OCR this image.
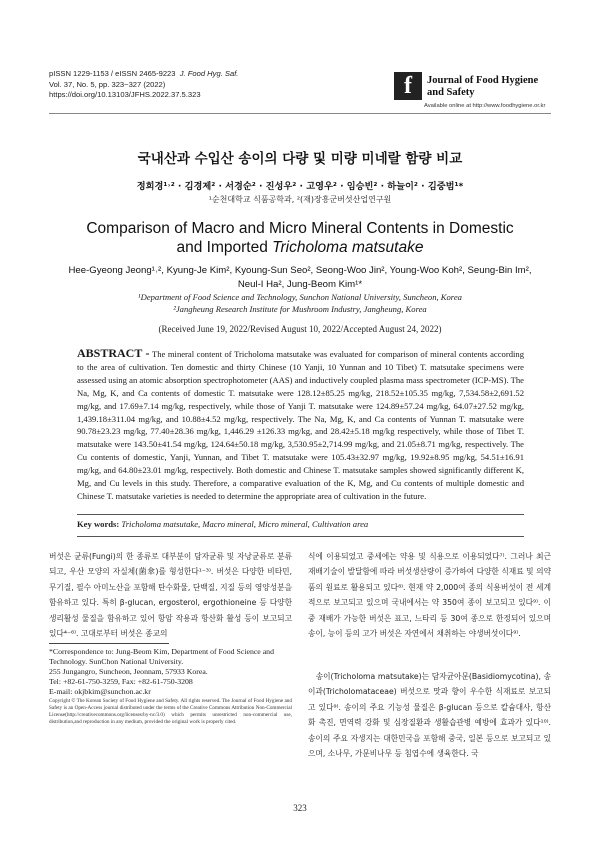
pISSN 1229-1153 / eISSN 2465-9223 J. Food Hyg. Saf.
Vol. 37, No. 5, pp. 323~327 (2022)
https://doi.org/10.13103/JFHS.2022.37.5.323	f	Journal of Food Hygiene
and Safety
Available online at http://www.foodhygiene.or.kr
국내산과 수입산 송이의 다량 및 미량 미네랄 함량 비교
정희경¹˒² · 김경제² · 서경순² · 진성우² · 고영우² · 임승빈² · 하늘이² · 김중범¹*
¹순천대학교 식품공학과, ²(재)장흥군버섯산업연구원
Comparison of Macro and Micro Mineral Contents in Domestic
and Imported Tricholoma matsutake
Hee-Gyeong Jeong¹˒², Kyung-Je Kim², Kyoung-Sun Seo², Seong-Woo Jin², Young-Woo Koh², Seung-Bin Im²,
Neul-I Ha², Jung-Beom Kim¹*
¹Department of Food Science and Technology, Sunchon National University, Suncheon, Korea
²Jangheung Research Institute for Mushroom Industry, Jangheung, Korea
(Received June 19, 2022/Revised August 10, 2022/Accepted August 24, 2022)
ABSTRACT - The mineral content of Tricholoma matsutake was evaluated for comparison of mineral contents according to the area of cultivation. Ten domestic and thirty Chinese (10 Yanji, 10 Yunnan and 10 Tibet) T. matsutake specimens were assessed using an atomic absorption spectrophotometer (AAS) and inductively coupled plasma mass spectrometer (ICP-MS). The Na, Mg, K, and Ca contents of domestic T. matsutake were 128.12±85.25 mg/kg, 218.52±105.35 mg/kg, 7,534.58±2,691.52 mg/kg, and 17.69±7.14 mg/kg, respectively, while those of Yanji T. matsutake were 124.89±57.24 mg/kg, 64.07±27.52 mg/kg, 1,439.18±311.04 mg/kg, and 10.88±4.52 mg/kg, respectively. The Na, Mg, K, and Ca contents of Yunnan T. matsutake were 90.78±23.23 mg/kg, 77.40±28.36 mg/kg, 1,446.29 ±126.33 mg/kg, and 28.42±5.18 mg/kg respectively, while those of Tibet T. matsutake were 143.50±41.54 mg/kg, 124.64±50.18 mg/kg, 3,530.95±2,714.99 mg/kg, and 21.05±8.71 mg/kg, respectively. The Cu contents of domestic, Yanji, Yunnan, and Tibet T. matsutake were 105.43±32.97 mg/kg, 19.92±8.95 mg/kg, 54.51±16.91 mg/kg, and 64.80±23.01 mg/kg, respectively. Both domestic and Chinese T. matsutake samples showed significantly different K, Mg, and Cu levels in this study. Therefore, a comparative evaluation of the K, Mg, and Cu contents of multiple domestic and Chinese T. matsutake varieties is needed to determine the appropriate area of cultivation in the future.
Key words: Tricholoma matsutake, Macro mineral, Micro mineral, Cultivation area
버섯은 균류(Fungi)의 한 종류로 대부분이 담자균류 및 자낭균류로 분류되고, 우산 모양의 자실체(菌傘)를 형성한다¹⁻³⁾. 버섯은 다양한 비타민, 무기질, 필수 아미노산을 포함해 탄수화물, 단백질, 지질 등의 영양성분을 함유하고 있다. 특히 β-glucan, ergosterol, ergothioneine 등 다양한 생리활성 물질을 함유하고 있어 항암 작용과 항산화 활성 등이 보고되고 있다⁴⁻⁶⁾. 고대로부터 버섯은 종교의
식에 이용되었고 중세에는 약용 및 식용으로 이용되었다⁷⁾. 그러나 최근 재배기술이 발달함에 따라 버섯생산량이 증가하여 다양한 식재료 및 의약품의 원료로 활용되고 있다⁸⁾. 현재 약 2,000여 종의 식용버섯이 전 세계적으로 보고되고 있으며 국내에서는 약 350여 종이 보고되고 있다⁹⁾. 이중 재배가 가능한 버섯은 표고, 느타리 등 30여 종으로 한정되어 있으며 송이, 능이 등의 고가 버섯은 자연에서 채취하는 야생버섯이다⁹⁾.
송이(Tricholoma matsutake)는 담자균아문(Basidiomycotina), 송이과(Tricholomataceae) 버섯으로 맛과 향이 우수한 식재료로 보고되고 있다⁹⁾. 송이의 주요 기능성 물질은 β-glucan 등으로 칼슘대사, 항산화 촉진, 면역력 강화 및 심장질환과 생활습관병 예방에 효과가 있다¹⁰⁾. 송이의 주요 자생지는 대한민국을 포함해 중국, 일본 등으로 보고되고 있으며, 소나무, 가문비나무 등 침엽수에 생육한다. 국
*Correspondence to: Jung-Beom Kim, Department of Food Science and Technology. SunChon National University.
255 Jungangro, Suncheon, Jeonnam, 57933 Korea.
Tel: +82-61-750-3259, Fax: +82-61-750-3208
E-mail: okjbkim@sunchon.ac.kr
Copyright © The Korean Society of Food Hygiene and Safety. All rights reserved. The Journal of Food Hygiene and Safety is an Open-Access journal distributed under the terms of the Creative Commons Attribution Non-Commercial License(http://creativecommons.org/licenses/by-nc/3.0) which permits unrestricted non-commercial use, distribution,and reproduction in any medium, provided the original work is properly cited.
323
